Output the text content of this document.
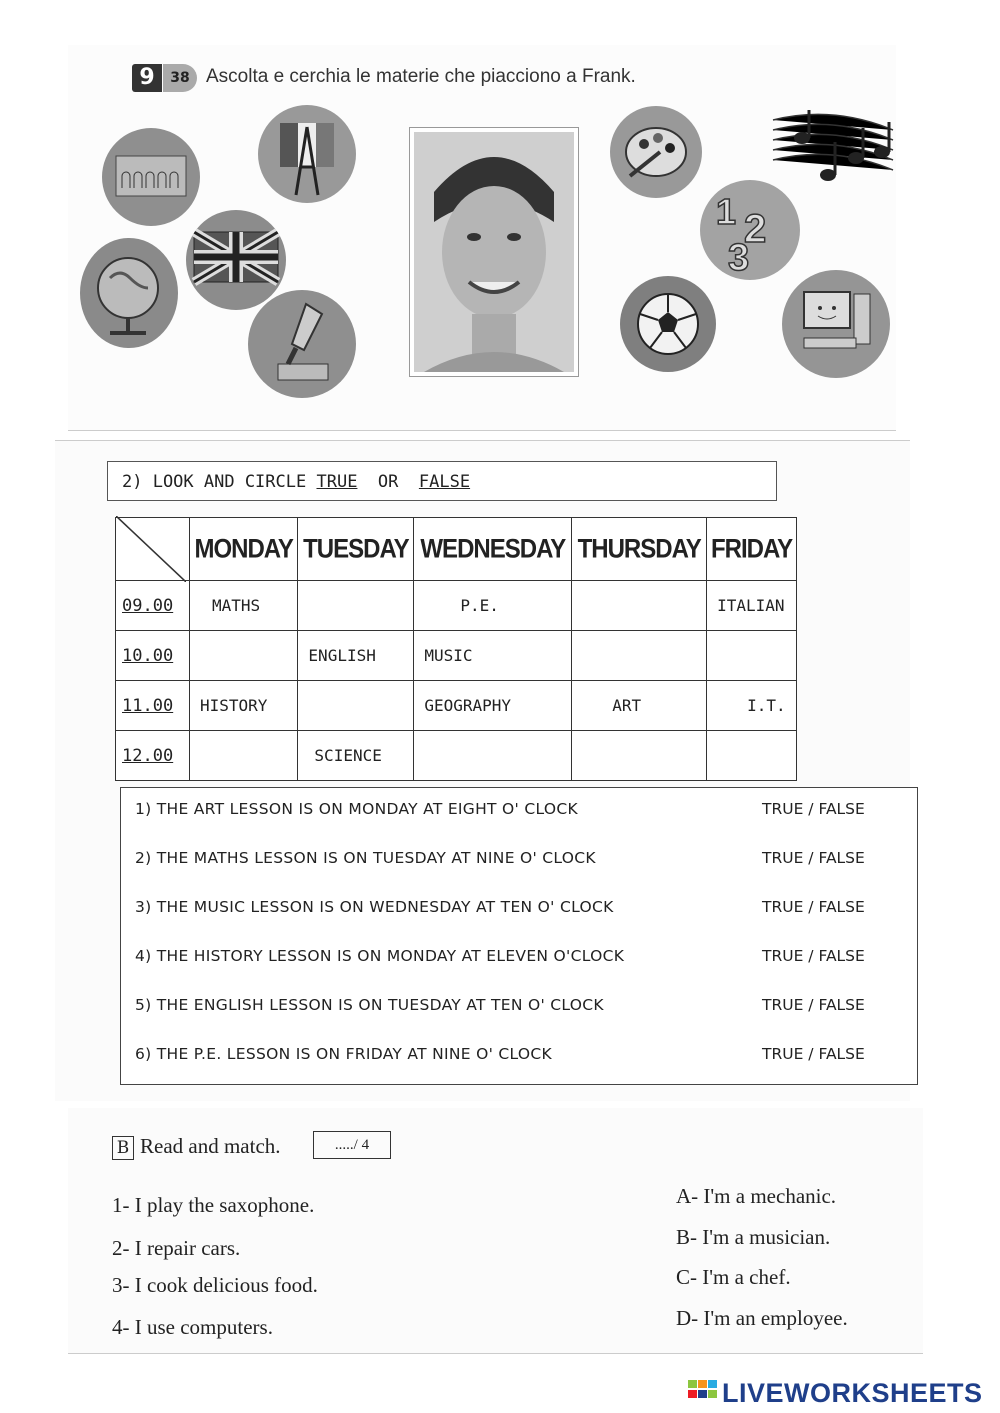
9	38 Ascolta e cerchia le materie che piacciono a Frank.
1 2
3
2) LOOK AND CIRCLE TRUE OR FALSE
	MONDAY	TUESDAY	WEDNESDAY	THURSDAY	FRIDAY
09.00	MATHS		P.E.		ITALIAN
10.00		ENGLISH	MUSIC		
11.00	HISTORY		GEOGRAPHY	ART	I.T.
12.00		SCIENCE			
1) THE ART LESSON IS ON MONDAY AT EIGHT O' CLOCK	TRUE / FALSE
2) THE MATHS LESSON IS ON TUESDAY AT NINE O' CLOCK	TRUE / FALSE
3) THE MUSIC LESSON IS ON WEDNESDAY AT TEN O' CLOCK	TRUE / FALSE
4) THE HISTORY LESSON IS ON MONDAY AT ELEVEN O'CLOCK	TRUE / FALSE
5) THE ENGLISH LESSON IS ON TUESDAY AT TEN O' CLOCK	TRUE / FALSE
6) THE P.E. LESSON IS ON FRIDAY AT NINE O' CLOCK	TRUE / FALSE
B Read and match.	...../ 4
1- I play the saxophone.
2- I repair cars.
3- I cook delicious food.
4- I use computers.
A- I'm a mechanic.
B- I'm a musician.
C- I'm a chef.
D- I'm an employee.
LIVEWORKSHEETS
